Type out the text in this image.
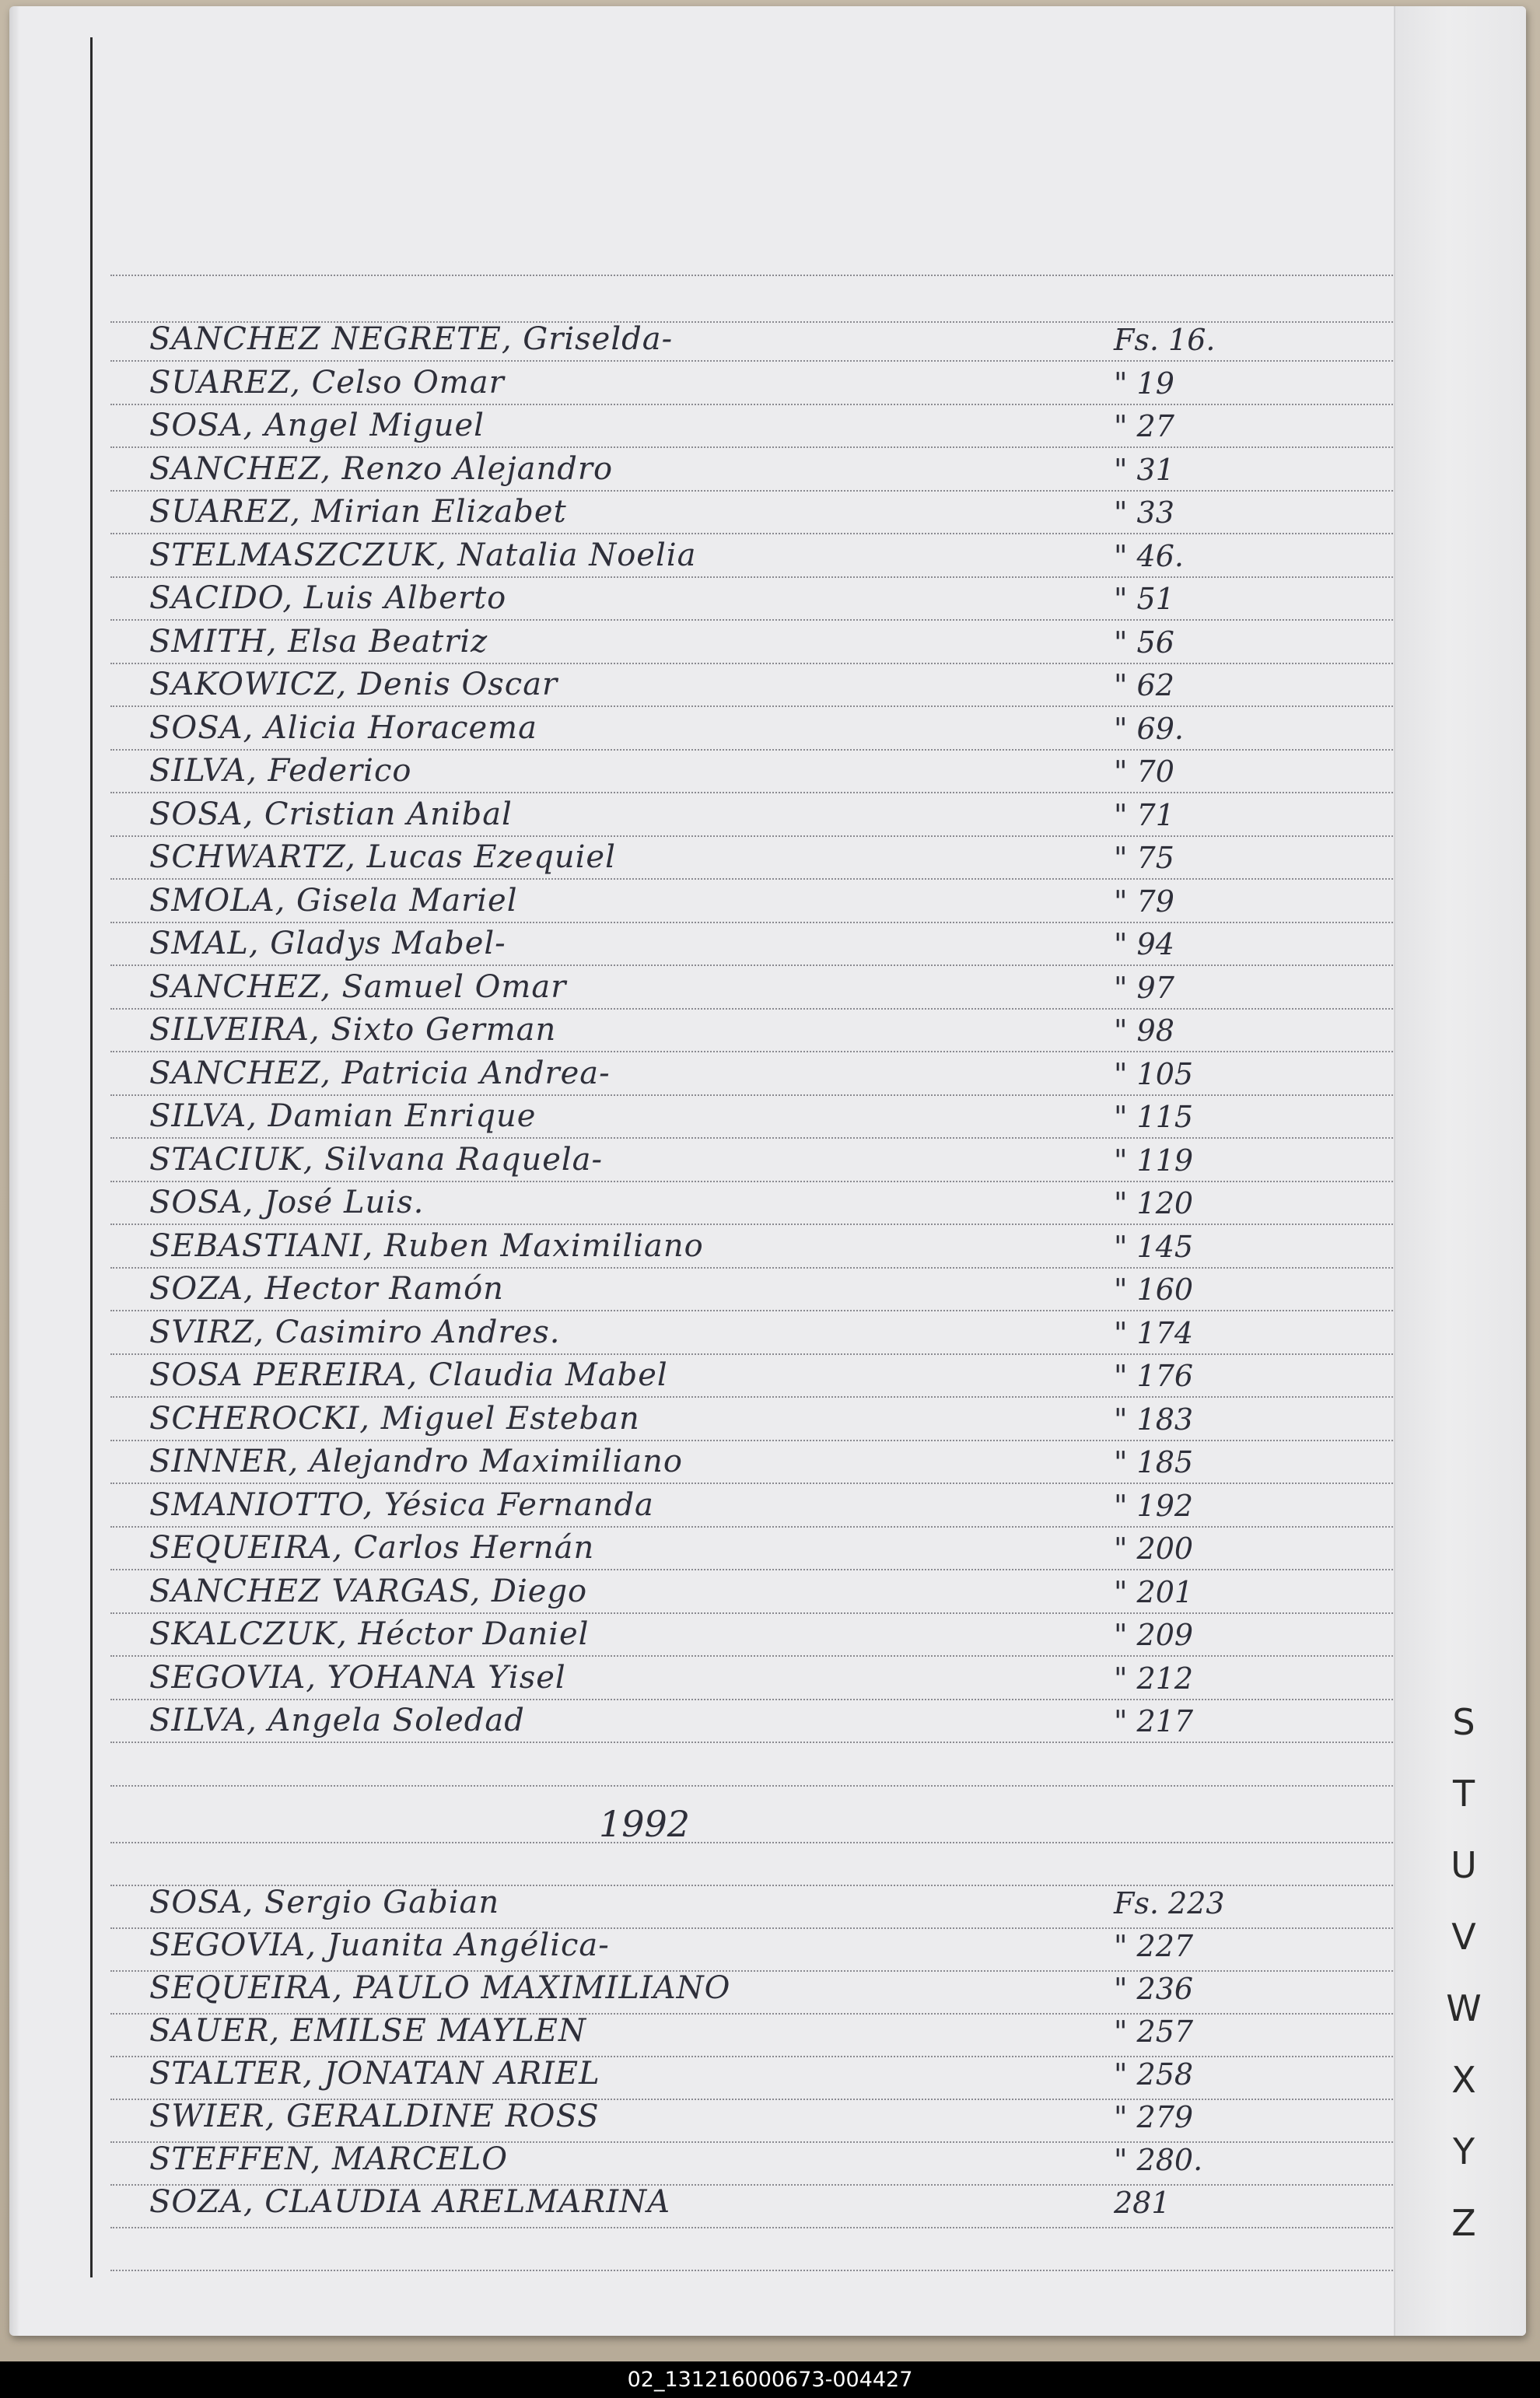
SANCHEZ NEGRETE, Griselda-	Fs. 16.
SUAREZ, Celso Omar	" 19
SOSA, Angel Miguel	" 27
SANCHEZ, Renzo Alejandro	" 31
SUAREZ, Mirian Elizabet	" 33
STELMASZCZUK, Natalia Noelia	" 46.
SACIDO, Luis Alberto	" 51
SMITH, Elsa Beatriz	" 56
SAKOWICZ, Denis Oscar	" 62
SOSA, Alicia Horacema	" 69.
SILVA, Federico	" 70
SOSA, Cristian Anibal	" 71
SCHWARTZ, Lucas Ezequiel	" 75
SMOLA, Gisela Mariel	" 79
SMAL, Gladys Mabel-	" 94
SANCHEZ, Samuel Omar	" 97
SILVEIRA, Sixto German	" 98
SANCHEZ, Patricia Andrea-	" 105
SILVA, Damian Enrique	" 115
STACIUK, Silvana Raquela-	" 119
SOSA, José Luis.	" 120
SEBASTIANI, Ruben Maximiliano	" 145
SOZA, Hector Ramón	" 160
SVIRZ, Casimiro Andres.	" 174
SOSA PEREIRA, Claudia Mabel	" 176
SCHEROCKI, Miguel Esteban	" 183
SINNER, Alejandro Maximiliano	" 185
SMANIOTTO, Yésica Fernanda	" 192
SEQUEIRA, Carlos Hernán	" 200
SANCHEZ VARGAS, Diego	" 201
SKALCZUK, Héctor Daniel	" 209
SEGOVIA, YOHANA Yisel	" 212
SILVA, Angela Soledad	" 217
SOSA, Sergio Gabian	Fs. 223
SEGOVIA, Juanita Angélica-	" 227
SEQUEIRA, PAULO MAXIMILIANO	" 236
SAUER, EMILSE MAYLEN	" 257
STALTER, JONATAN ARIEL	" 258
SWIER, GERALDINE ROSS	" 279
STEFFEN, MARCELO	" 280.
SOZA, CLAUDIA ARELMARINA	281
1992
S
T
U
V
W
X
Y
Z
02_131216000673-004427
